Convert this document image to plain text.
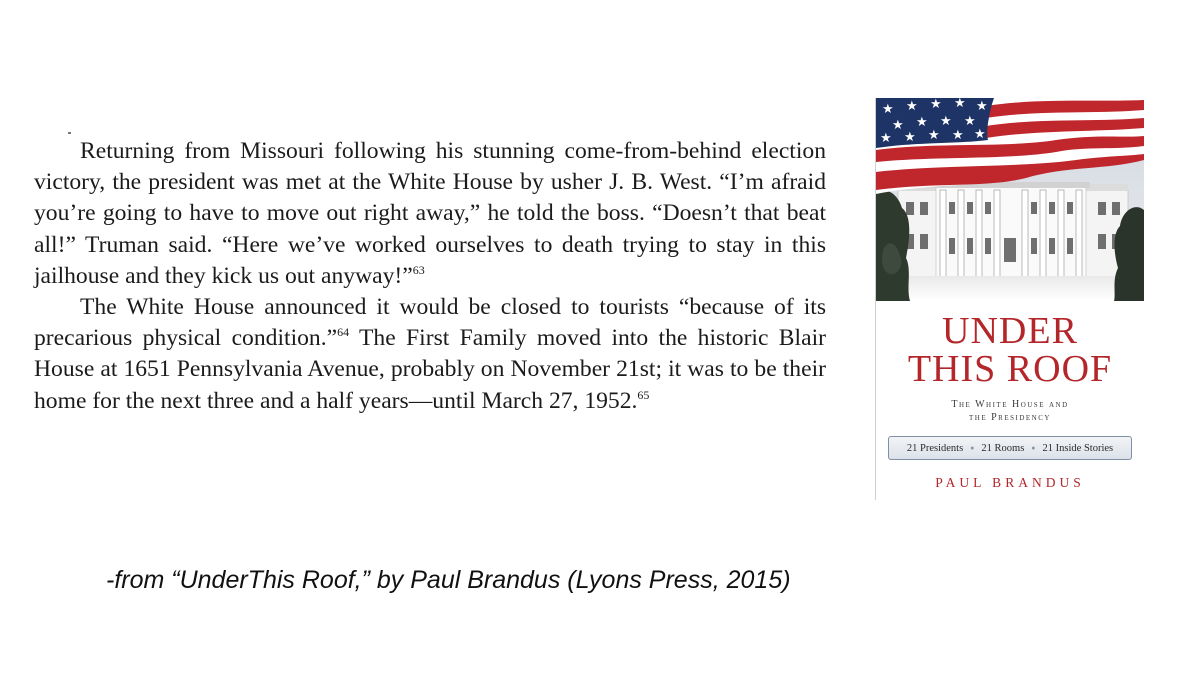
Returning from Missouri following his stunning come-from-behind election victory, the president was met at the White House by usher J. B. West. “I’m afraid you’re going to have to move out right away,” he told the boss. “Doesn’t that beat all!” Truman said. “Here we’ve worked ourselves to death trying to stay in this jailhouse and they kick us out anyway!”$^{63}$

The White House announced it would be closed to tourists “because of its precarious physical condition.”$^{64}$ The First Family moved into the historic Blair House at 1651 Pennsylvania Avenue, probably on November 21st; it was to be their home for the next three and a half years—until March 27, 1952.65

-from “UnderThis Roof,” by Paul Brandus (Lyons Press, 2015)
★ ★ ★ ★ ★
★ ★ ★ ★
★ ★ ★ ★ ★
UNDER
THIS ROOF
The White House and
the Presidency
21 Presidents ● 21 Rooms ● 21 Inside Stories
PAUL BRANDUS
